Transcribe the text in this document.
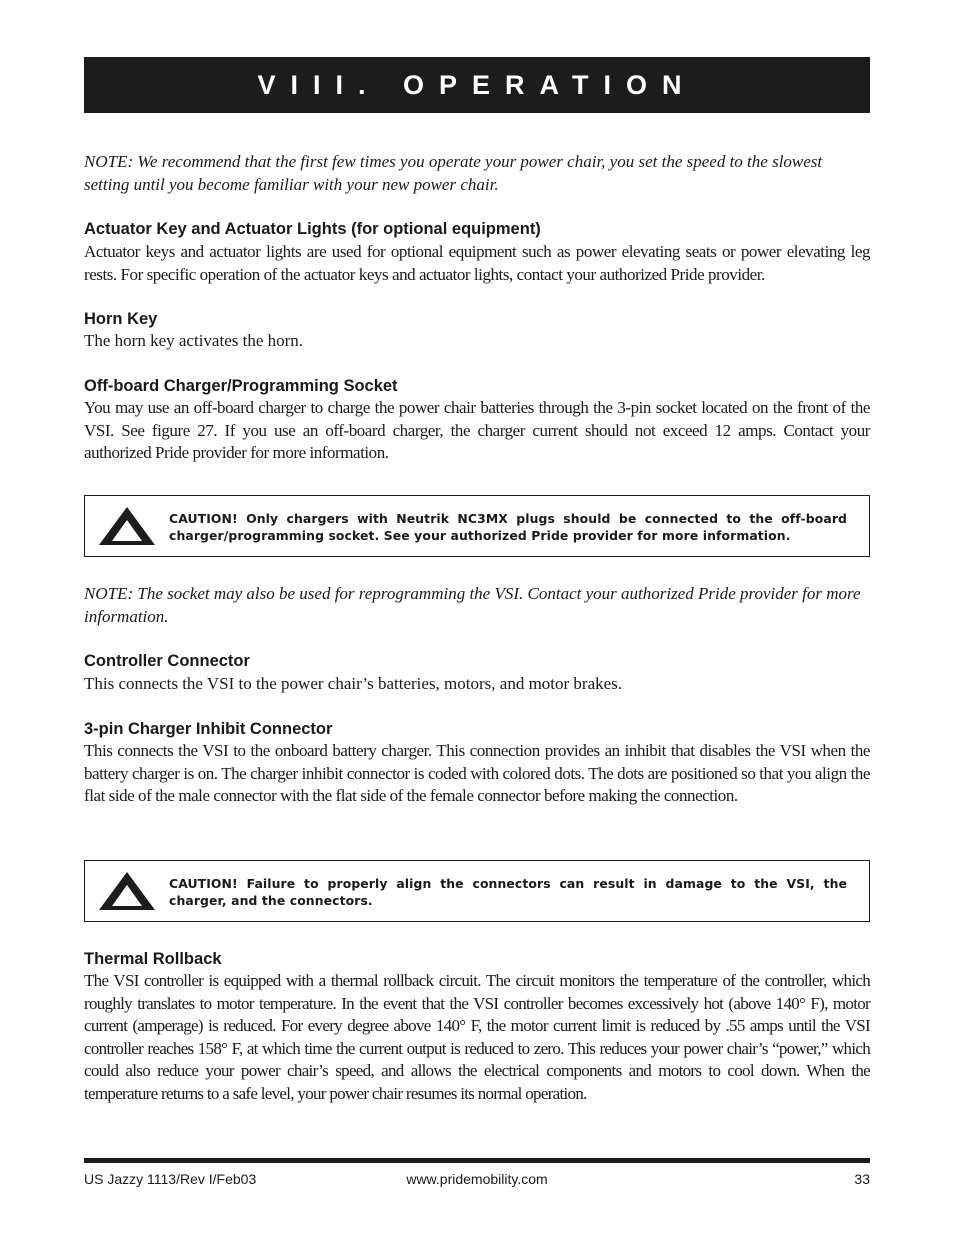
VIII. OPERATION
NOTE: We recommend that the first few times you operate your power chair, you set the speed to the slowest setting until you become familiar with your new power chair.
Actuator Key and Actuator Lights (for optional equipment)
Actuator keys and actuator lights are used for optional equipment such as power elevating seats or power elevating leg rests. For specific operation of the actuator keys and actuator lights, contact your authorized Pride provider.
Horn Key
The horn key activates the horn.
Off-board Charger/Programming Socket
You may use an off-board charger to charge the power chair batteries through the 3-pin socket located on the front of the VSI. See figure 27. If you use an off-board charger, the charger current should not exceed 12 amps. Contact your authorized Pride provider for more information.
CAUTION! Only chargers with Neutrik NC3MX plugs should be connected to the off-board charger/programming socket. See your authorized Pride provider for more information.
NOTE: The socket may also be used for reprogramming the VSI. Contact your authorized Pride provider for more information.
Controller Connector
This connects the VSI to the power chair’s batteries, motors, and motor brakes.
3-pin Charger Inhibit Connector
This connects the VSI to the onboard battery charger. This connection provides an inhibit that disables the VSI when the battery charger is on. The charger inhibit connector is coded with colored dots. The dots are positioned so that you align the flat side of the male connector with the flat side of the female connector before making the connection.
CAUTION! Failure to properly align the connectors can result in damage to the VSI, the charger, and the connectors.
Thermal Rollback
The VSI controller is equipped with a thermal rollback circuit. The circuit monitors the temperature of the controller, which roughly translates to motor temperature. In the event that the VSI controller becomes excessively hot (above 140° F), motor current (amperage) is reduced. For every degree above 140° F, the motor current limit is reduced by .55 amps until the VSI controller reaches 158° F, at which time the current output is reduced to zero. This reduces your power chair’s “power,” which could also reduce your power chair’s speed, and allows the electrical components and motors to cool down. When the temperature returns to a safe level, your power chair resumes its normal operation.
US Jazzy 1113/Rev I/Feb03	www.pridemobility.com	33
